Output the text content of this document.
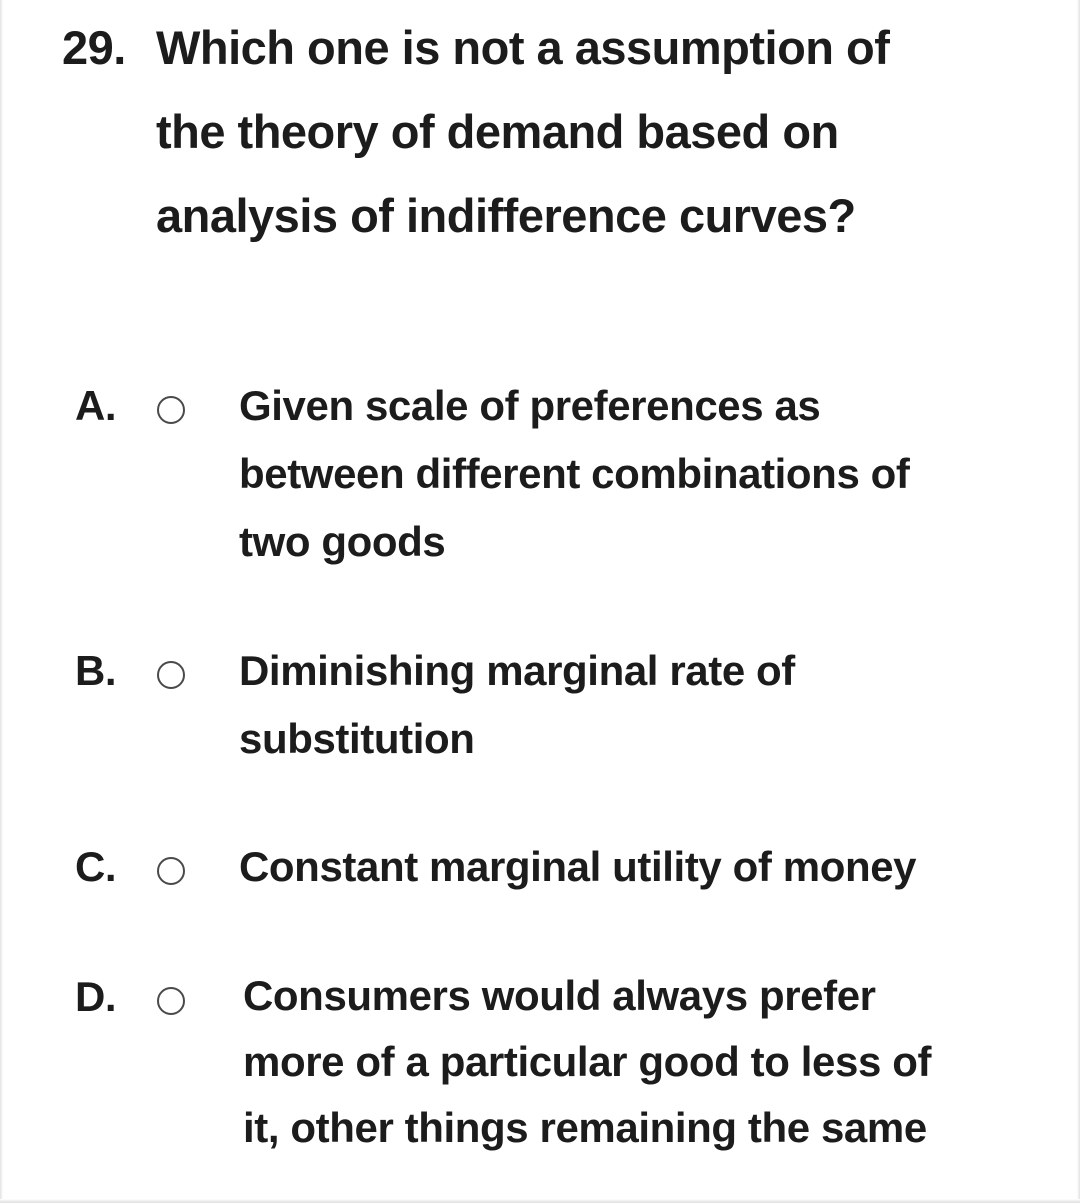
29. Which one is not a assumption of
the theory of demand based on
analysis of indifference curves?
A.	Given scale of preferences as
between different combinations of
two goods
B.	Diminishing marginal rate of
substitution
C.	Constant marginal utility of money
D.	Consumers would always prefer
more of a particular good to less of
it, other things remaining the same
